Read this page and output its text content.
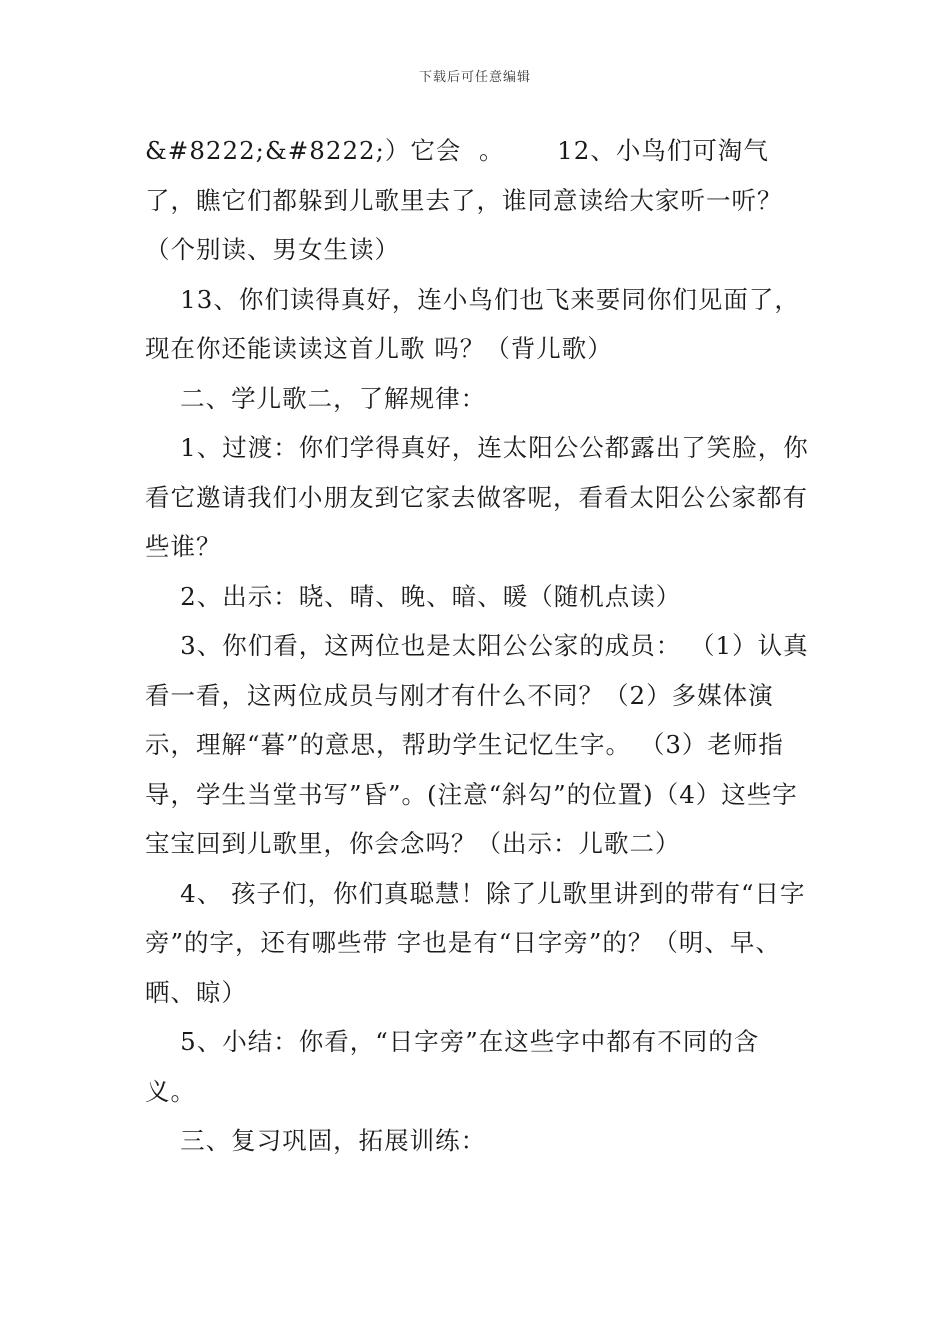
下载后可任意编辑

&#8222;&#8222;）它会  。      12、小鸟们可淘气了，瞧它们都躲到儿歌里去了，谁同意读给大家听一听？ （个别读、男女生读）

13、你们读得真好，连小鸟们也飞来要同你们见面了，现在你还能读读这首儿歌 吗？（背儿歌）

二、学儿歌二，了解规律：

1、过渡：你们学得真好，连太阳公公都露出了笑脸，你看它邀请我们小朋友到它家去做客呢，看看太阳公公家都有些谁？

2、出示：晓、晴、晚、暗、暖（随机点读）

3、你们看，这两位也是太阳公公家的成员： （1）认真看一看，这两位成员与刚才有什么不同？（2）多媒体演示，理解“暮”的意思，帮助学生记忆生字。 （3）老师指导，学生当堂书写”昏”。(注意“斜勾”的位置)（4）这些字宝宝回到儿歌里，你会念吗？（出示：儿歌二）

4、 孩子们，你们真聪慧！除了儿歌里讲到的带有“日字旁”的字，还有哪些带 字也是有“日字旁”的？（明、早、晒、晾）

5、小结：你看，“日字旁”在这些字中都有不同的含义。

三、复习巩固，拓展训练：
